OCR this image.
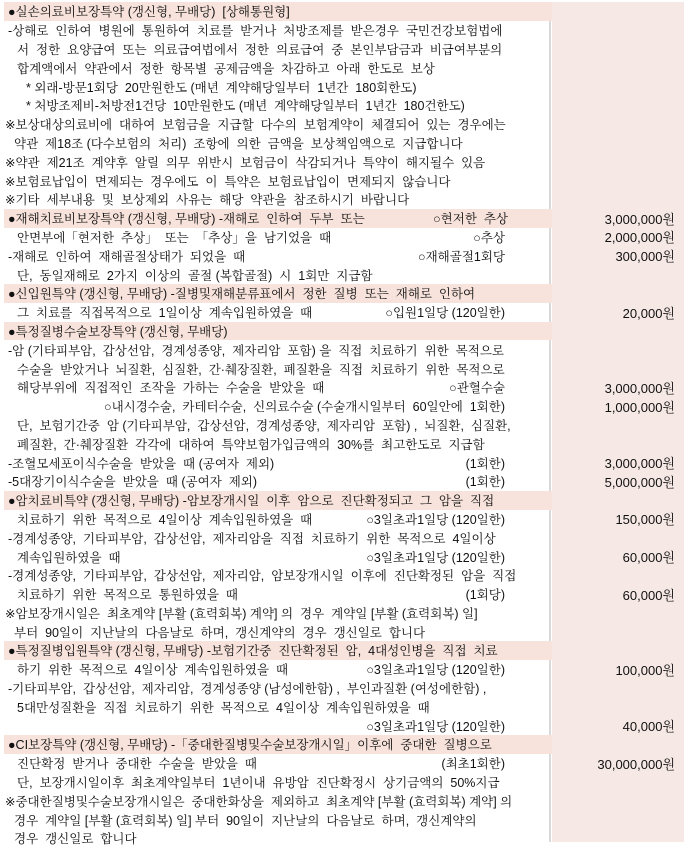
●실손의료비보장특약 (갱신형, 무배당)  [상해통원형]
-상해로  인하여  병원에  통원하여  치료를  받거나  처방조제를  받은경우  국민건강보험법에
서  정한  요양급여  또는  의료급여법에서  정한  의료급여  중  본인부담금과  비급여부분의
합계액에서  약관에서  정한  항목별  공제금액을  차감하고  아래  한도로  보상
* 외래-방문1회당  20만원한도 (매년  계약해당일부터  1년간  180회한도)
* 처방조제비-처방전1건당  10만원한도 (매년  계약해당일부터  1년간  180건한도)
※보상대상의료비에  대하여  보험금을  지급할  다수의  보험계약이  체결되어  있는  경우에는
약관  제18조 (다수보험의  처리)  조항에  의한  금액을  보상책임액으로  지급합니다
※약관  제21조  계약후  알릴  의무  위반시  보험금이  삭감되거나  특약이  해지될수  있음
※보험료납입이  면제되는  경우에도  이  특약은  보험료납입이  면제되지  않습니다
※기타  세부내용  및  보상제외  사유는  해당  약관을  참조하시기  바랍니다
●재해치료비보장특약 (갱신형, 무배당) -재해로  인하여  두부  또는	○현저한  추상	3,000,000원
안면부에「현저한  추상」  또는  「추상」을  남기었을  때	○추상	2,000,000원
-재해로  인하여  재해골절상태가  되었을  때	○재해골절1회당	300,000원
단,  동일재해로  2가지  이상의  골절 (복합골절)  시  1회만  지급함
●신입원특약 (갱신형, 무배당) -질병및재해분류표에서  정한  질병  또는  재해로  인하여
그  치료를  직접목적으로  1일이상  계속입원하였을  때	○입원1일당 (120일한)	20,000원
●특정질병수술보장특약 (갱신형, 무배당)
-암 (기타피부암,  갑상선암,  경계성종양,  제자리암  포함) 을  직접  치료하기  위한  목적으로
수술을  받았거나  뇌질환,  심질환,  간·췌장질환,  폐질환을  직접  치료하기  위한  목적으로
해당부위에  직접적인  조작을  가하는  수술을  받았을  때	○관혈수술	3,000,000원
○내시경수술,  카테터수술,  신의료수술 (수술개시일부터  60일안에  1회한)	1,000,000원
단,  보험기간중  암 (기타피부암,  갑상선암,  경계성종양,  제자리암  포함) ,  뇌질환,  심질환,
폐질환,  간·췌장질환  각각에  대하여  특약보험가입금액의  30%를  최고한도로  지급함
-조혈모세포이식수술을  받았을  때 (공여자  제외)	(1회한)	3,000,000원
-5대장기이식수술을  받았을  때 (공여자  제외)	(1회한)	5,000,000원
●암치료비특약 (갱신형, 무배당) -암보장개시일  이후  암으로  진단확정되고  그  암을  직접
치료하기  위한  목적으로  4일이상  계속입원하였을  때	○3일초과1일당 (120일한)	150,000원
-경계성종양,  기타피부암,  갑상선암,  제자리암을  직접  치료하기  위한  목적으로  4일이상
계속입원하였을  때	○3일초과1일당 (120일한)	60,000원
-경계성종양,  기타피부암,  갑상선암,  제자리암,  암보장개시일  이후에  진단확정된  암을  직접
치료하기  위한  목적으로  통원하였을  때	(1회당)	60,000원
※암보장개시일은  최초계약 [부활 (효력회복) 계약] 의  경우  계약일 [부활 (효력회복) 일]
부터  90일이  지난날의  다음날로  하며,  갱신계약의  경우  갱신일로  합니다
●특정질병입원특약 (갱신형, 무배당) -보험기간중  진단확정된  암,  4대성인병을  직접  치료
하기  위한  목적으로  4일이상  계속입원하였을  때	○3일초과1일당 (120일한)	100,000원
-기타피부암,  갑상선암,  제자리암,  경계성종양 (남성에한함) ,  부인과질환 (여성에한함) ,
5대만성질환을  직접  치료하기  위한  목적으로  4일이상  계속입원하였을  때
○3일초과1일당 (120일한)	40,000원
●CI보장특약 (갱신형, 무배당) -「중대한질병및수술보장개시일」이후에  중대한  질병으로
진단확정  받거나  중대한  수술을  받았을  때	(최초1회한)	30,000,000원
단,  보장개시일이후  최초계약일부터  1년이내  유방암  진단확정시  상기금액의  50%지급
※중대한질병및수술보장개시일은  중대한화상을  제외하고  최초계약 [부활 (효력회복) 계약] 의
경우  계약일 [부활 (효력회복) 일] 부터  90일이  지난날의  다음날로  하며,  갱신계약의
경우  갱신일로  합니다
